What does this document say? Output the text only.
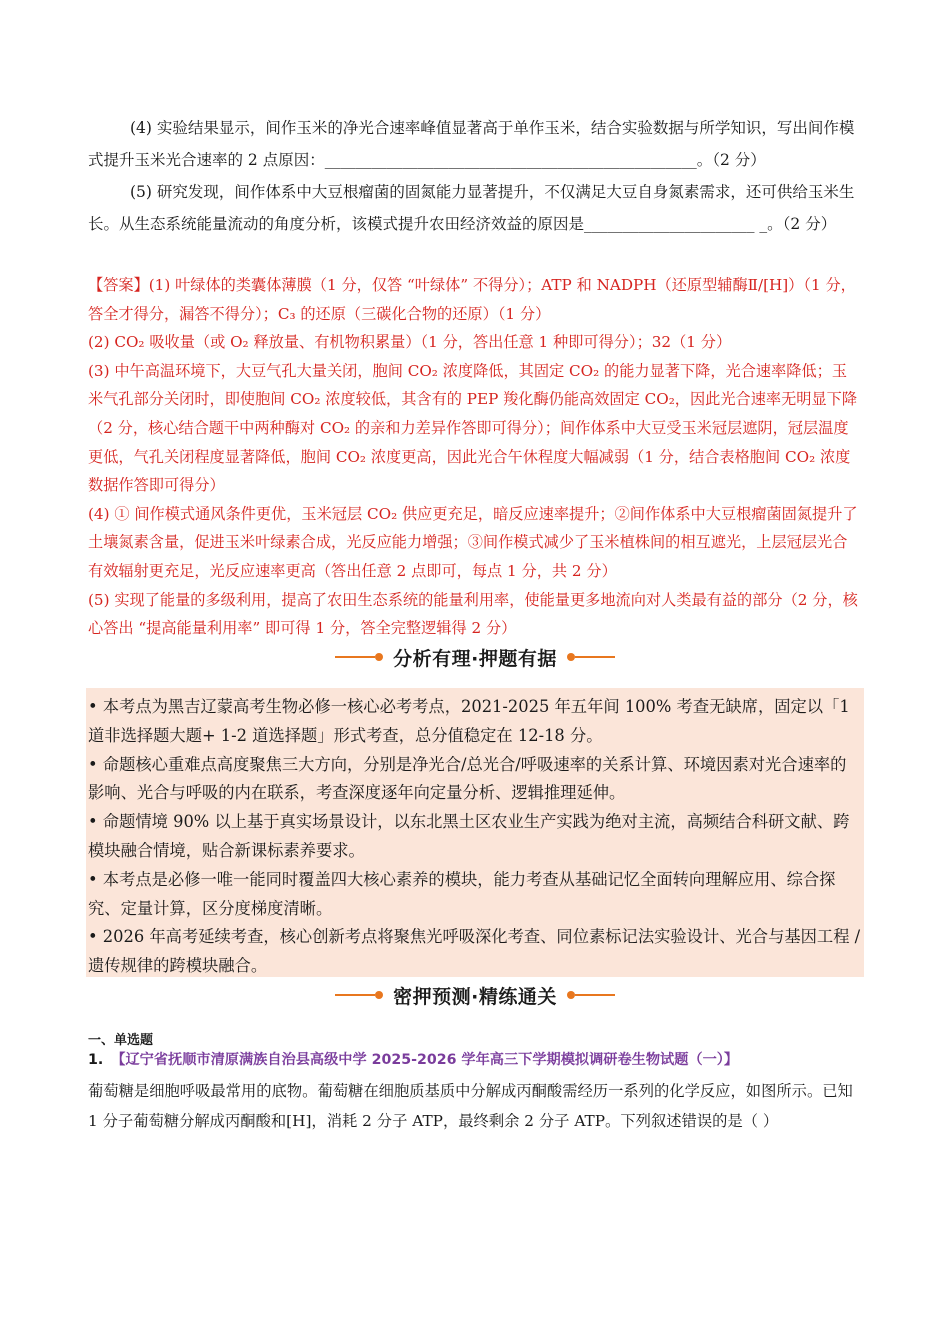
(4) 实验结果显示，间作玉米的净光合速率峰值显著高于单作玉米，结合实验数据与所学知识，写出间作模式提升玉米光合速率的 2 点原因：________________________________________________。（2 分）

(5) 研究发现，间作体系中大豆根瘤菌的固氮能力显著提升，不仅满足大豆自身氮素需求，还可供给玉米生长。从生态系统能量流动的角度分析，该模式提升农田经济效益的原因是______________________ _。（2 分）

【答案】(1) 叶绿体的类囊体薄膜（1 分，仅答 “叶绿体” 不得分）；ATP 和 NADPH（还原型辅酶Ⅱ/[H]）（1 分，答全才得分，漏答不得分）；C₃ 的还原（三碳化合物的还原）（1 分）

(2) CO₂ 吸收量（或 O₂ 释放量、有机物积累量）（1 分，答出任意 1 种即可得分）；32（1 分）

(3) 中午高温环境下，大豆气孔大量关闭，胞间 CO₂ 浓度降低，其固定 CO₂ 的能力显著下降，光合速率降低；玉米气孔部分关闭时，即使胞间 CO₂ 浓度较低，其含有的 PEP 羧化酶仍能高效固定 CO₂，因此光合速率无明显下降（2 分，核心结合题干中两种酶对 CO₂ 的亲和力差异作答即可得分）；间作体系中大豆受玉米冠层遮阴，冠层温度更低，气孔关闭程度显著降低，胞间 CO₂ 浓度更高，因此光合午休程度大幅减弱（1 分，结合表格胞间 CO₂ 浓度数据作答即可得分）

(4) ① 间作模式通风条件更优，玉米冠层 CO₂ 供应更充足，暗反应速率提升；②间作体系中大豆根瘤菌固氮提升了土壤氮素含量，促进玉米叶绿素合成，光反应能力增强；③间作模式减少了玉米植株间的相互遮光，上层冠层光合有效辐射更充足，光反应速率更高（答出任意 2 点即可，每点 1 分，共 2 分）

(5) 实现了能量的多级利用，提高了农田生态系统的能量利用率，使能量更多地流向对人类最有益的部分（2 分，核心答出 “提高能量利用率” 即可得 1 分，答全完整逻辑得 2 分）

分析有理·押题有据

• 本考点为黑吉辽蒙高考生物必修一核心必考考点，2021-2025 年五年间 100% 考查无缺席，固定以「1 道非选择题大题+ 1-2 道选择题」形式考查，总分值稳定在 12-18 分。

• 命题核心重难点高度聚焦三大方向，分别是净光合/总光合/呼吸速率的关系计算、环境因素对光合速率的影响、光合与呼吸的内在联系，考查深度逐年向定量分析、逻辑推理延伸。

• 命题情境 90% 以上基于真实场景设计，以东北黑土区农业生产实践为绝对主流，高频结合科研文献、跨模块融合情境，贴合新课标素养要求。

• 本考点是必修一唯一能同时覆盖四大核心素养的模块，能力考查从基础记忆全面转向理解应用、综合探究、定量计算，区分度梯度清晰。

• 2026 年高考延续考查，核心创新考点将聚焦光呼吸深化考查、同位素标记法实验设计、光合与基因工程 / 遗传规律的跨模块融合。

密押预测·精练通关
一、单选题
1. 【辽宁省抚顺市清原满族自治县高级中学 2025-2026 学年高三下学期模拟调研卷生物试题（一）】

葡萄糖是细胞呼吸最常用的底物。葡萄糖在细胞质基质中分解成丙酮酸需经历一系列的化学反应，如图所示。已知 1 分子葡萄糖分解成丙酮酸和[H]，消耗 2 分子 ATP，最终剩余 2 分子 ATP。下列叙述错误的是（ ）
